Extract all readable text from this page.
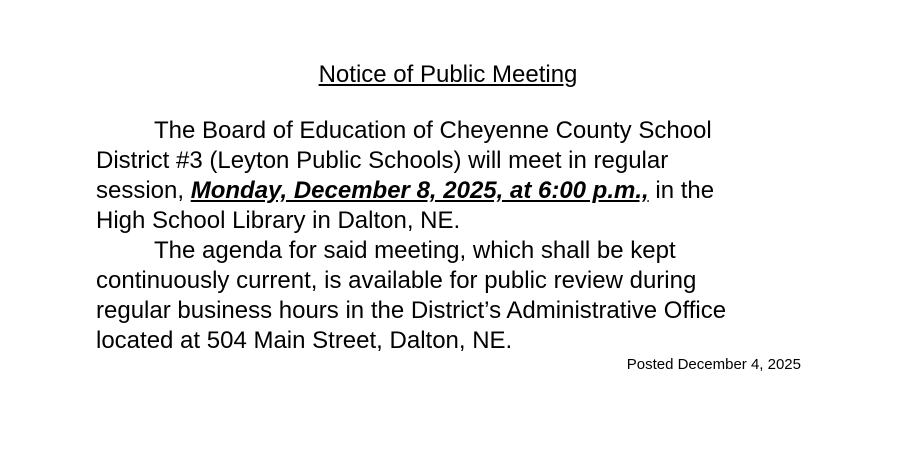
Notice of Public Meeting
The Board of Education of Cheyenne County School
District #3 (Leyton Public Schools) will meet in regular
session, Monday, December 8, 2025, at 6:00 p.m., in the
High School Library in Dalton, NE.
The agenda for said meeting, which shall be kept
continuously current, is available for public review during
regular business hours in the District’s Administrative Office
located at 504 Main Street, Dalton, NE.
Posted December 4, 2025
